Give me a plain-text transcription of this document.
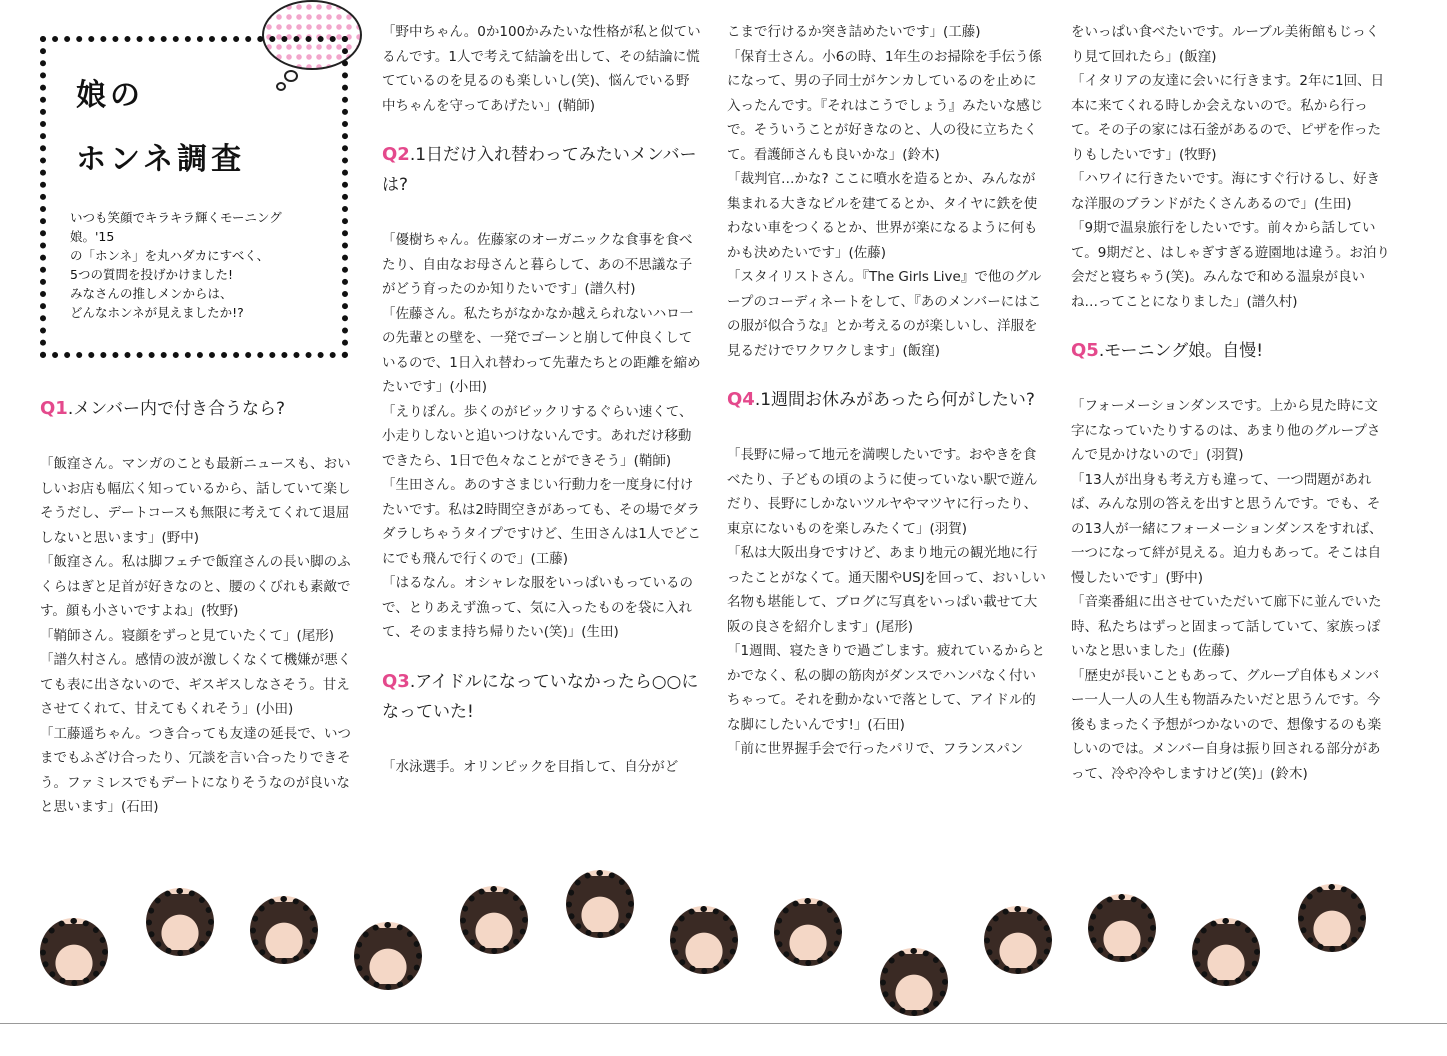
娘の
ホンネ調査
いつも笑顔でキラキラ輝くモーニング娘。'15
の「ホンネ」を丸ハダカにすべく、
5つの質問を投げかけました!
みなさんの推しメンからは、
どんなホンネが見えましたか!?
Q1.メンバー内で付き合うなら?

「飯窪さん。マンガのことも最新ニュースも、おいしいお店も幅広く知っているから、話していて楽しそうだし、デートコースも無限に考えてくれて退屈しないと思います」(野中)

「飯窪さん。私は脚フェチで飯窪さんの長い脚のふくらはぎと足首が好きなのと、腰のくびれも素敵です。顔も小さいですよね」(牧野)

「鞘師さん。寝顔をずっと見ていたくて」(尾形)

「譜久村さん。感情の波が激しくなくて機嫌が悪くても表に出さないので、ギスギスしなさそう。甘えさせてくれて、甘えてもくれそう」(小田)

「工藤遥ちゃん。つき合っても友達の延長で、いつまでもふざけ合ったり、冗談を言い合ったりできそう。ファミレスでもデートになりそうなのが良いなと思います」(石田)

「野中ちゃん。0か100かみたいな性格が私と似ているんです。1人で考えて結論を出して、その結論に慌てているのを見るのも楽しいし(笑)、悩んでいる野中ちゃんを守ってあげたい」(鞘師)

Q2.1日だけ入れ替わってみたいメンバーは?

「優樹ちゃん。佐藤家のオーガニックな食事を食べたり、自由なお母さんと暮らして、あの不思議な子がどう育ったのか知りたいです」(譜久村)

「佐藤さん。私たちがなかなか越えられないハロ一の先輩との壁を、一発でゴーンと崩して仲良くしているので、1日入れ替わって先輩たちとの距離を縮めたいです」(小田)

「えりぽん。歩くのがビックリするぐらい速くて、小走りしないと追いつけないんです。あれだけ移動できたら、1日で色々なことができそう」(鞘師)

「生田さん。あのすさまじい行動力を一度身に付けたいです。私は2時間空きがあっても、その場でダラダラしちゃうタイプですけど、生田さんは1人でどこにでも飛んで行くので」(工藤)

「はるなん。オシャレな服をいっぱいもっているので、とりあえず漁って、気に入ったものを袋に入れて、そのまま持ち帰りたい(笑)」(生田)

Q3.アイドルになっていなかったら○○になっていた!

「水泳選手。オリンピックを目指して、自分がど

こまで行けるか突き詰めたいです」(工藤)

「保育士さん。小6の時、1年生のお掃除を手伝う係になって、男の子同士がケンカしているのを止めに入ったんです。『それはこうでしょう』みたいな感じで。そういうことが好きなのと、人の役に立ちたくて。看護師さんも良いかな」(鈴木)

「裁判官…かな? ここに噴水を造るとか、みんなが集まれる大きなビルを建てるとか、タイヤに鉄を使わない車をつくるとか、世界が楽になるように何もかも決めたいです」(佐藤)

「スタイリストさん。『The Girls Live』で他のグループのコーディネートをして、『あのメンバーにはこの服が似合うな』とか考えるのが楽しいし、洋服を見るだけでワクワクします」(飯窪)

Q4.1週間お休みがあったら何がしたい?

「長野に帰って地元を満喫したいです。おやきを食べたり、子どもの頃のように使っていない駅で遊んだり、長野にしかないツルヤやマツヤに行ったり、東京にないものを楽しみたくて」(羽賀)

「私は大阪出身ですけど、あまり地元の観光地に行ったことがなくて。通天閣やUSJを回って、おいしい名物も堪能して、ブログに写真をいっぱい載せて大阪の良さを紹介します」(尾形)

「1週間、寝たきりで過ごします。疲れているからとかでなく、私の脚の筋肉がダンスでハンパなく付いちゃって。それを動かないで落として、アイドル的な脚にしたいんです!」(石田)

「前に世界握手会で行ったパリで、フランスパン

をいっぱい食べたいです。ルーブル美術館もじっくり見て回れたら」(飯窪)

「イタリアの友達に会いに行きます。2年に1回、日本に来てくれる時しか会えないので。私から行って。その子の家には石釜があるので、ピザを作ったりもしたいです」(牧野)

「ハワイに行きたいです。海にすぐ行けるし、好きな洋服のブランドがたくさんあるので」(生田)

「9期で温泉旅行をしたいです。前々から話していて。9期だと、はしゃぎすぎる遊園地は違う。お泊り会だと寝ちゃう(笑)。みんなで和める温泉が良いね…ってことになりました」(譜久村)

Q5.モーニング娘。自慢!

「フォーメーションダンスです。上から見た時に文字になっていたりするのは、あまり他のグループさんで見かけないので」(羽賀)

「13人が出身も考え方も違って、一つ問題があれば、みんな別の答えを出すと思うんです。でも、その13人が一緒にフォーメーションダンスをすれば、一つになって絆が見える。迫力もあって。そこは自慢したいです」(野中)

「音楽番組に出させていただいて廊下に並んでいた時、私たちはずっと固まって話していて、家族っぽいなと思いました」(佐藤)

「歴史が長いこともあって、グループ自体もメンバー一人一人の人生も物語みたいだと思うんです。今後もまったく予想がつかないので、想像するのも楽しいのでは。メンバー自身は振り回される部分があって、冷や冷やしますけど(笑)」(鈴木)
